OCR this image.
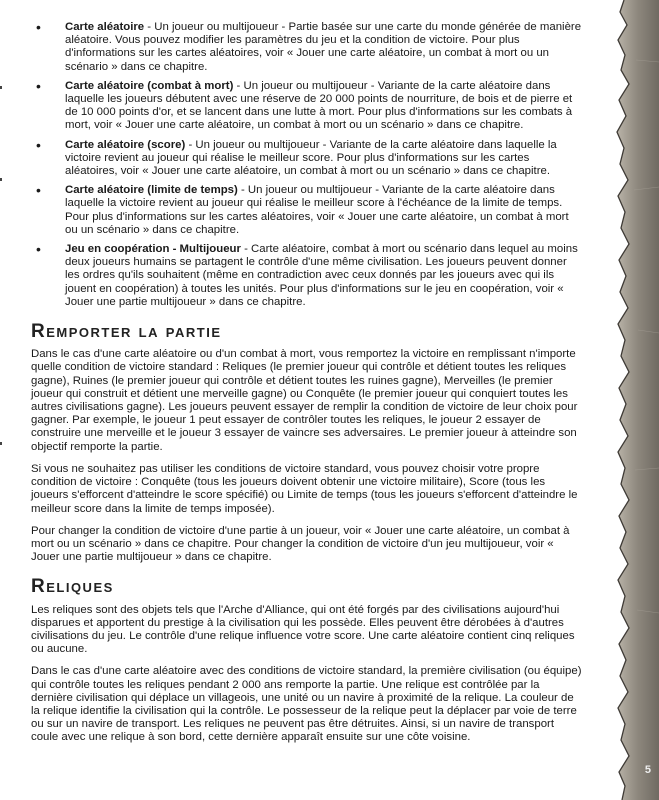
• Carte aléatoire - Un joueur ou multijoueur - Partie basée sur une carte du monde générée de manière aléatoire. Vous pouvez modifier les paramètres du jeu et la condition de victoire. Pour plus d'informations sur les cartes aléatoires, voir « Jouer une carte aléatoire, un combat à mort ou un scénario » dans ce chapitre.
• Carte aléatoire (combat à mort) - Un joueur ou multijoueur - Variante de la carte aléatoire dans laquelle les joueurs débutent avec une réserve de 20 000 points de nourriture, de bois et de pierre et de 10 000 points d'or, et se lancent dans une lutte à mort. Pour plus d'informations sur les combats à mort, voir « Jouer une carte aléatoire, un combat à mort ou un scénario » dans ce chapitre.
• Carte aléatoire (score) - Un joueur ou multijoueur - Variante de la carte aléatoire dans laquelle la victoire revient au joueur qui réalise le meilleur score. Pour plus d'informations sur les cartes aléatoires, voir « Jouer une carte aléatoire, un combat à mort ou un scénario » dans ce chapitre.
• Carte aléatoire (limite de temps) - Un joueur ou multijoueur - Variante de la carte aléatoire dans laquelle la victoire revient au joueur qui réalise le meilleur score à l'échéance de la limite de temps. Pour plus d'informations sur les cartes aléatoires, voir « Jouer une carte aléatoire, un combat à mort ou un scénario » dans ce chapitre.
• Jeu en coopération - Multijoueur - Carte aléatoire, combat à mort ou scénario dans lequel au moins deux joueurs humains se partagent le contrôle d'une même civilisation. Les joueurs peuvent donner les ordres qu'ils souhaitent (même en contradiction avec ceux donnés par les joueurs avec qui ils jouent en coopération) à toutes les unités. Pour plus d'informations sur le jeu en coopération, voir « Jouer une partie multijoueur » dans ce chapitre.
Remporter la partie

Dans le cas d'une carte aléatoire ou d'un combat à mort, vous remportez la victoire en remplissant n'importe quelle condition de victoire standard : Reliques (le premier joueur qui contrôle et détient toutes les reliques gagne), Ruines (le premier joueur qui contrôle et détient toutes les ruines gagne), Merveilles (le premier joueur qui construit et détient une merveille gagne) ou Conquête (le premier joueur qui conquiert toutes les autres civilisations gagne). Les joueurs peuvent essayer de remplir la condition de victoire de leur choix pour gagner. Par exemple, le joueur 1 peut essayer de contrôler toutes les reliques, le joueur 2 essayer de construire une merveille et le joueur 3 essayer de vaincre ses adversaires. Le premier joueur à atteindre son objectif remporte la partie.

Si vous ne souhaitez pas utiliser les conditions de victoire standard, vous pouvez choisir votre propre condition de victoire : Conquête (tous les joueurs doivent obtenir une victoire militaire), Score (tous les joueurs s'efforcent d'atteindre le score spécifié) ou Limite de temps (tous les joueurs s'efforcent d'atteindre le meilleur score dans la limite de temps imposée).

Pour changer la condition de victoire d'une partie à un joueur, voir « Jouer une carte aléatoire, un combat à mort ou un scénario » dans ce chapitre. Pour changer la condition de victoire d'un jeu multijoueur, voir « Jouer une partie multijoueur » dans ce chapitre.

Reliques

Les reliques sont des objets tels que l'Arche d'Alliance, qui ont été forgés par des civilisations aujourd'hui disparues et apportent du prestige à la civilisation qui les possède. Elles peuvent être dérobées à d'autres civilisations du jeu. Le contrôle d'une relique influence votre score. Une carte aléatoire contient cinq reliques ou aucune.

Dans le cas d'une carte aléatoire avec des conditions de victoire standard, la première civilisation (ou équipe) qui contrôle toutes les reliques pendant 2 000 ans remporte la partie. Une relique est contrôlée par la dernière civilisation qui déplace un villageois, une unité ou un navire à proximité de la relique. La couleur de la relique identifie la civilisation qui la contrôle. Le possesseur de la relique peut la déplacer par voie de terre ou sur un navire de transport. Les reliques ne peuvent pas être détruites. Ainsi, si un navire de transport coule avec une relique à son bord, cette dernière apparaît ensuite sur une côte voisine.

5
